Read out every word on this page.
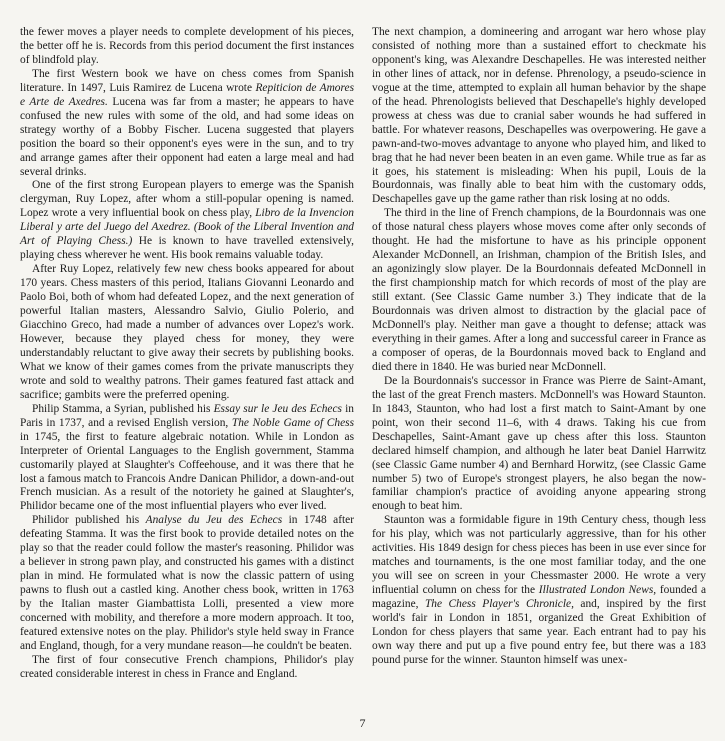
the fewer moves a player needs to complete development of his pieces, the better off he is. Records from this period document the first instances of blindfold play.

The first Western book we have on chess comes from Spanish literature. In 1497, Luis Ramirez de Lucena wrote Repiticion de Amores e Arte de Axedres. Lucena was far from a master; he appears to have confused the new rules with some of the old, and had some ideas on strategy worthy of a Bobby Fischer. Lucena suggested that players position the board so their opponent's eyes were in the sun, and to try and arrange games after their opponent had eaten a large meal and had several drinks.

One of the first strong European players to emerge was the Spanish clergyman, Ruy Lopez, after whom a still-popular opening is named. Lopez wrote a very influential book on chess play, Libro de la Invencion Liberal y arte del Juego del Axedrez. (Book of the Liberal Invention and Art of Playing Chess.) He is known to have travelled extensively, playing chess wherever he went. His book remains valuable today.

After Ruy Lopez, relatively few new chess books appeared for about 170 years. Chess masters of this period, Italians Giovanni Leonardo and Paolo Boi, both of whom had defeated Lopez, and the next generation of powerful Italian masters, Alessandro Salvio, Giulio Polerio, and Giacchino Greco, had made a number of advances over Lopez's work. However, because they played chess for money, they were understandably reluctant to give away their secrets by publishing books. What we know of their games comes from the private manuscripts they wrote and sold to wealthy patrons. Their games featured fast attack and sacrifice; gambits were the preferred opening.

Philip Stamma, a Syrian, published his Essay sur le Jeu des Echecs in Paris in 1737, and a revised English version, The Noble Game of Chess in 1745, the first to feature algebraic notation. While in London as Interpreter of Oriental Languages to the English government, Stamma customarily played at Slaughter's Coffeehouse, and it was there that he lost a famous match to Francois Andre Danican Philidor, a down-and-out French musician. As a result of the notoriety he gained at Slaughter's, Philidor became one of the most influential players who ever lived.

Philidor published his Analyse du Jeu des Echecs in 1748 after defeating Stamma. It was the first book to provide detailed notes on the play so that the reader could follow the master's reasoning. Philidor was a believer in strong pawn play, and constructed his games with a distinct plan in mind. He formulated what is now the classic pattern of using pawns to flush out a castled king. Another chess book, written in 1763 by the Italian master Giambattista Lolli, presented a view more concerned with mobility, and therefore a more modern approach. It too, featured extensive notes on the play. Philidor's style held sway in France and England, though, for a very mundane reason—he couldn't be beaten.

The first of four consecutive French champions, Philidor's play created considerable interest in chess in France and England.

The next champion, a domineering and arrogant war hero whose play consisted of nothing more than a sustained effort to checkmate his opponent's king, was Alexandre Deschapelles. He was interested neither in other lines of attack, nor in defense. Phrenology, a pseudo-science in vogue at the time, attempted to explain all human behavior by the shape of the head. Phrenologists believed that Deschapelle's highly developed prowess at chess was due to cranial saber wounds he had suffered in battle. For whatever reasons, Deschapelles was overpowering. He gave a pawn-and-two-moves advantage to anyone who played him, and liked to brag that he had never been beaten in an even game. While true as far as it goes, his statement is misleading: When his pupil, Louis de la Bourdonnais, was finally able to beat him with the customary odds, Deschapelles gave up the game rather than risk losing at no odds.

The third in the line of French champions, de la Bourdonnais was one of those natural chess players whose moves come after only seconds of thought. He had the misfortune to have as his principle opponent Alexander McDonnell, an Irishman, champion of the British Isles, and an agonizingly slow player. De la Bourdonnais defeated McDonnell in the first championship match for which records of most of the play are still extant. (See Classic Game number 3.) They indicate that de la Bourdonnais was driven almost to distraction by the glacial pace of McDonnell's play. Neither man gave a thought to defense; attack was everything in their games. After a long and successful career in France as a composer of operas, de la Bourdonnais moved back to England and died there in 1840. He was buried near McDonnell.

De la Bourdonnais's successor in France was Pierre de Saint-Amant, the last of the great French masters. McDonnell's was Howard Staunton. In 1843, Staunton, who had lost a first match to Saint-Amant by one point, won their second 11–6, with 4 draws. Taking his cue from Deschapelles, Saint-Amant gave up chess after this loss. Staunton declared himself champion, and although he later beat Daniel Harrwitz (see Classic Game number 4) and Bernhard Horwitz, (see Classic Game number 5) two of Europe's strongest players, he also began the now-familiar champion's practice of avoiding anyone appearing strong enough to beat him.

Staunton was a formidable figure in 19th Century chess, though less for his play, which was not particularly aggressive, than for his other activities. His 1849 design for chess pieces has been in use ever since for matches and tournaments, is the one most familiar today, and the one you will see on screen in your Chessmaster 2000. He wrote a very influential column on chess for the Illustrated London News, founded a magazine, The Chess Player's Chronicle, and, inspired by the first world's fair in London in 1851, organized the Great Exhibition of London for chess players that same year. Each entrant had to pay his own way there and put up a five pound entry fee, but there was a 183 pound purse for the winner. Staunton himself was unex-

7
